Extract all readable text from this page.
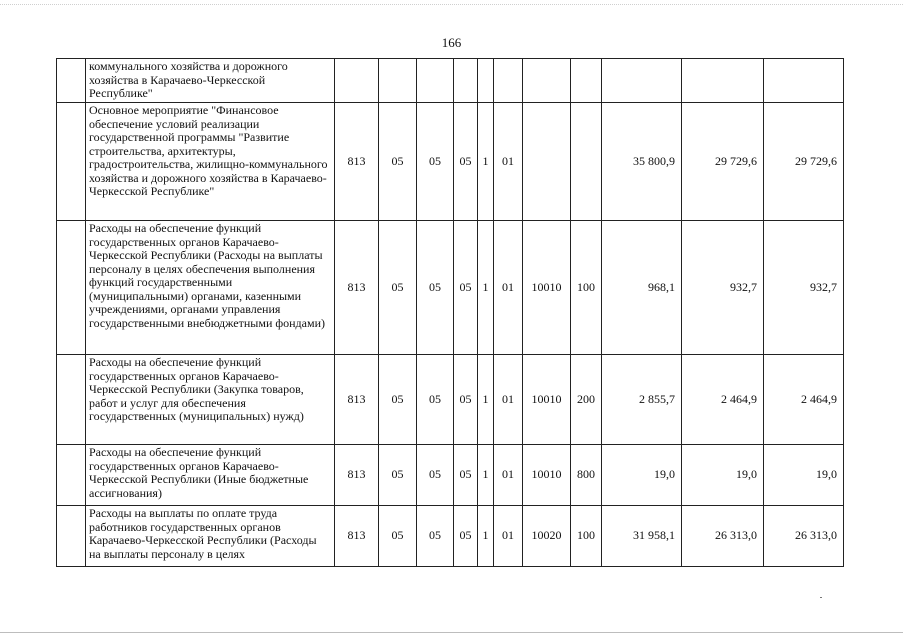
166
	коммунального хозяйства и дорожного хозяйства в Карачаево-Черкесской Республике"											
	Основное мероприятие "Финансовое обеспечение условий реализации государственной программы "Развитие строительства, архитектуры, градостроительства, жилищно-коммунального хозяйства и дорожного хозяйства в Карачаево-Черкесской Республике"	813	05	05	05	1	01			35 800,9	29 729,6	29 729,6
	Расходы на обеспечение функций государственных органов Карачаево-Черкесской Республики (Расходы на выплаты персоналу в целях обеспечения выполнения функций государственными (муниципальными) органами, казенными учреждениями, органами управления государственными внебюджетными фондами)	813	05	05	05	1	01	10010	100	968,1	932,7	932,7
	Расходы на обеспечение функций государственных органов Карачаево-Черкесской Республики (Закупка товаров, работ и услуг для обеспечения государственных (муниципальных) нужд)	813	05	05	05	1	01	10010	200	2 855,7	2 464,9	2 464,9
	Расходы на обеспечение функций государственных органов Карачаево-Черкесской Республики (Иные бюджетные ассигнования)	813	05	05	05	1	01	10010	800	19,0	19,0	19,0
	Расходы на выплаты по оплате труда работников государственных органов Карачаево-Черкесской Республики (Расходы на выплаты персоналу в целях	813	05	05	05	1	01	10020	100	31 958,1	26 313,0	26 313,0
